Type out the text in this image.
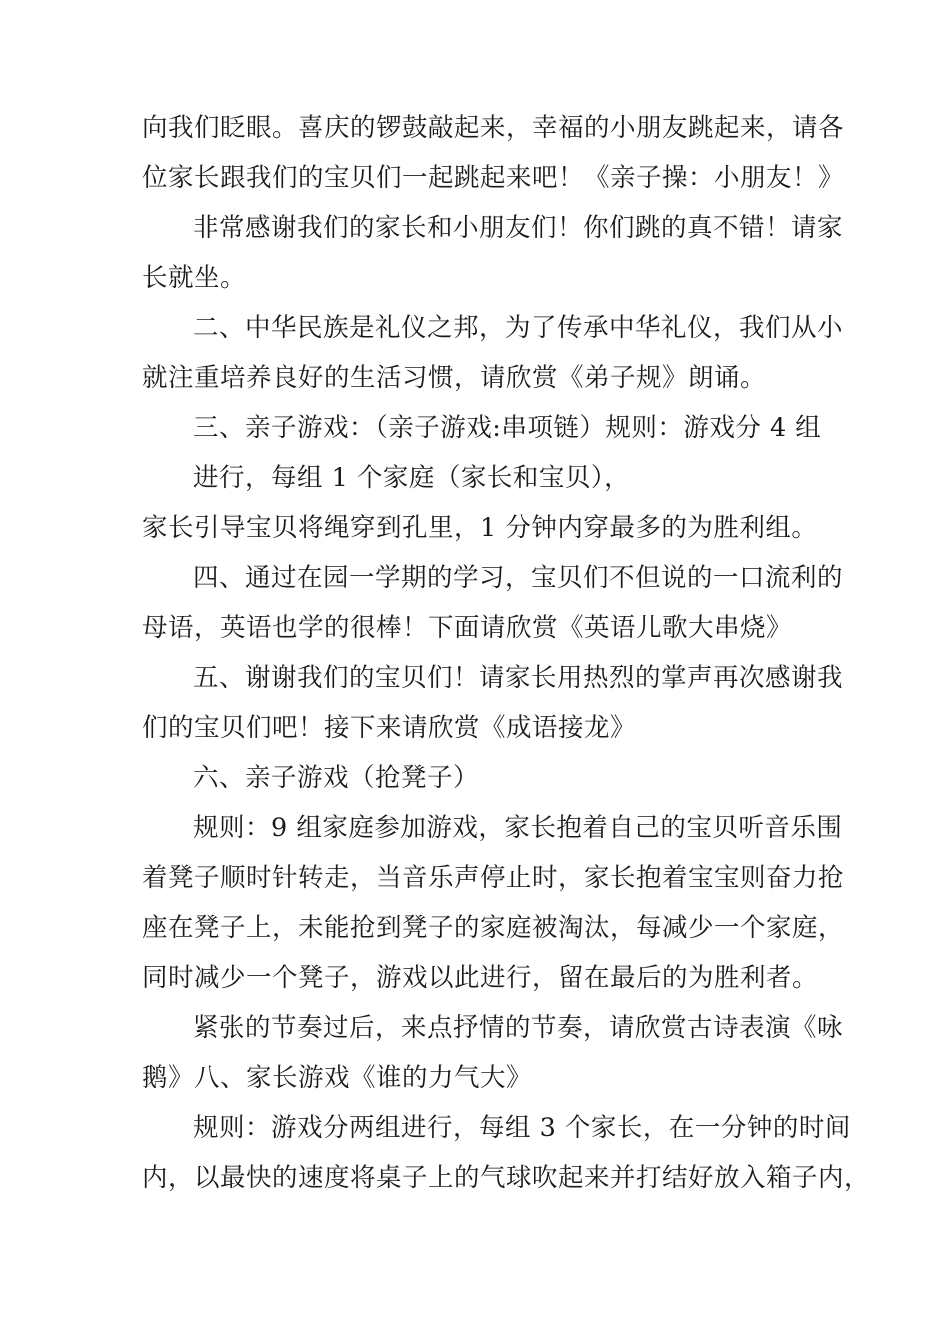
向我们眨眼。喜庆的锣鼓敲起来，幸福的小朋友跳起来，请各
位家长跟我们的宝贝们一起跳起来吧！《亲子操：小朋友！》
非常感谢我们的家长和小朋友们！你们跳的真不错！请家
长就坐。
二、中华民族是礼仪之邦，为了传承中华礼仪，我们从小
就注重培养良好的生活习惯，请欣赏《弟子规》朗诵。
三、亲子游戏：（亲子游戏:串项链）规则：游戏分 4 组
进行，每组 1 个家庭（家长和宝贝），
家长引导宝贝将绳穿到孔里，1 分钟内穿最多的为胜利组。
四、通过在园一学期的学习，宝贝们不但说的一口流利的
母语，英语也学的很棒！下面请欣赏《英语儿歌大串烧》
五、谢谢我们的宝贝们！请家长用热烈的掌声再次感谢我
们的宝贝们吧！接下来请欣赏《成语接龙》
六、亲子游戏（抢凳子）
规则：9 组家庭参加游戏，家长抱着自己的宝贝听音乐围
着凳子顺时针转走，当音乐声停止时，家长抱着宝宝则奋力抢
座在凳子上，未能抢到凳子的家庭被淘汰，每减少一个家庭，
同时减少一个凳子，游戏以此进行，留在最后的为胜利者。
紧张的节奏过后，来点抒情的节奏，请欣赏古诗表演《咏
鹅》八、家长游戏《谁的力气大》
规则：游戏分两组进行，每组 3 个家长，在一分钟的时间
内，以最快的速度将桌子上的气球吹起来并打结好放入箱子内，
